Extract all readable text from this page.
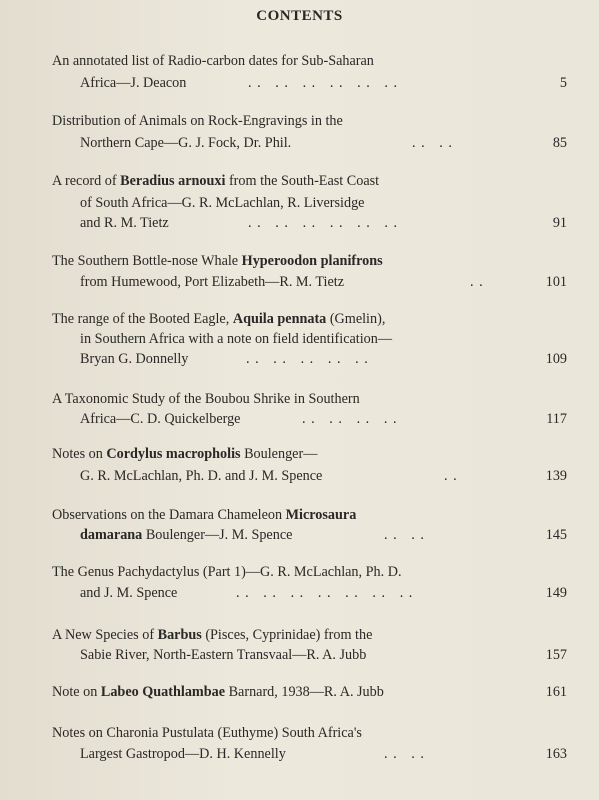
CONTENTS
An annotated list of Radio-carbon dates for Sub-Saharan
Africa—J. Deacon	. .   . .   . .   . .   . .   . .	5
Distribution of Animals on Rock-Engravings in the
Northern Cape—G. J. Fock, Dr. Phil.	. .   . .	85
A record of Beradius arnouxi from the South-East Coast
of South Africa—G. R. McLachlan, R. Liversidge
and R. M. Tietz	. .   . .   . .   . .   . .   . .	91
The Southern Bottle-nose Whale Hyperoodon planifrons
from Humewood, Port Elizabeth—R. M. Tietz	. .	101
The range of the Booted Eagle, Aquila pennata (Gmelin),
in Southern Africa with a note on field identification—
Bryan G. Donnelly	. .   . .   . .   . .   . .	109
A Taxonomic Study of the Boubou Shrike in Southern
Africa—C. D. Quickelberge	. .   . .   . .   . .	117
Notes on Cordylus macropholis Boulenger—
G. R. McLachlan, Ph. D. and J. M. Spence	. .	139
Observations on the Damara Chameleon Microsaura
damarana Boulenger—J. M. Spence	. .   . .	145
The Genus Pachydactylus (Part 1)—G. R. McLachlan, Ph. D.
and J. M. Spence	. .   . .   . .   . .   . .   . .   . .	149
A New Species of Barbus (Pisces, Cyprinidae) from the
Sabie River, North-Eastern Transvaal—R. A. Jubb	157
Note on Labeo Quathlambae Barnard, 1938—R. A. Jubb	161
Notes on Charonia Pustulata (Euthyme) South Africa's
Largest Gastropod—D. H. Kennelly	. .   . .	163
